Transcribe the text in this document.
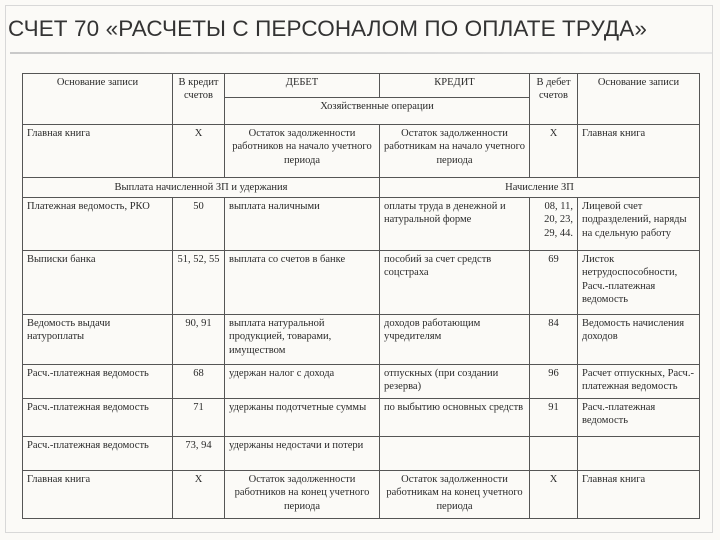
СЧЕТ 70 «РАСЧЕТЫ С ПЕРСОНАЛОМ ПО ОПЛАТЕ ТРУДА»
Основание записи	В кредит счетов	ДЕБЕТ	КРЕДИТ	В дебет счетов	Основание записи
		Хозяйственные операции			
Главная книга	Х	Остаток задолженности работников на начало учетного периода	Остаток задолженности работникам на начало учетного периода	Х	Главная книга
Выплата начисленной ЗП и удержания			Начисление ЗП		
Платежная ведомость, РКО	50	выплата наличными	оплаты труда в денежной и натуральной форме	08, 11, 20, 23, 29, 44.	Лицевой счет подразделений, наряды на сдельную работу
Выписки банка	51, 52, 55	выплата со счетов в банке	пособий за счет средств соцстраха	69	Листок нетрудоспособности, Расч.-платежная ведомость
Ведомость выдачи натуроплаты	90, 91	выплата натуральной продукцией, товарами, имуществом	доходов работающим учредителям	84	Ведомость начисления доходов
Расч.-платежная ведомость	68	удержан налог с дохода	отпускных (при создании резерва)	96	Расчет отпускных, Расч.-платежная ведомость
Расч.-платежная ведомость	71	удержаны подотчетные суммы	по выбытию основных средств	91	Расч.-платежная ведомость
Расч.-платежная ведомость	73, 94	удержаны недостачи и потери			
Главная книга	Х	Остаток задолженности работников на конец учетного периода	Остаток задолженности работникам на конец учетного периода	Х	Главная книга
